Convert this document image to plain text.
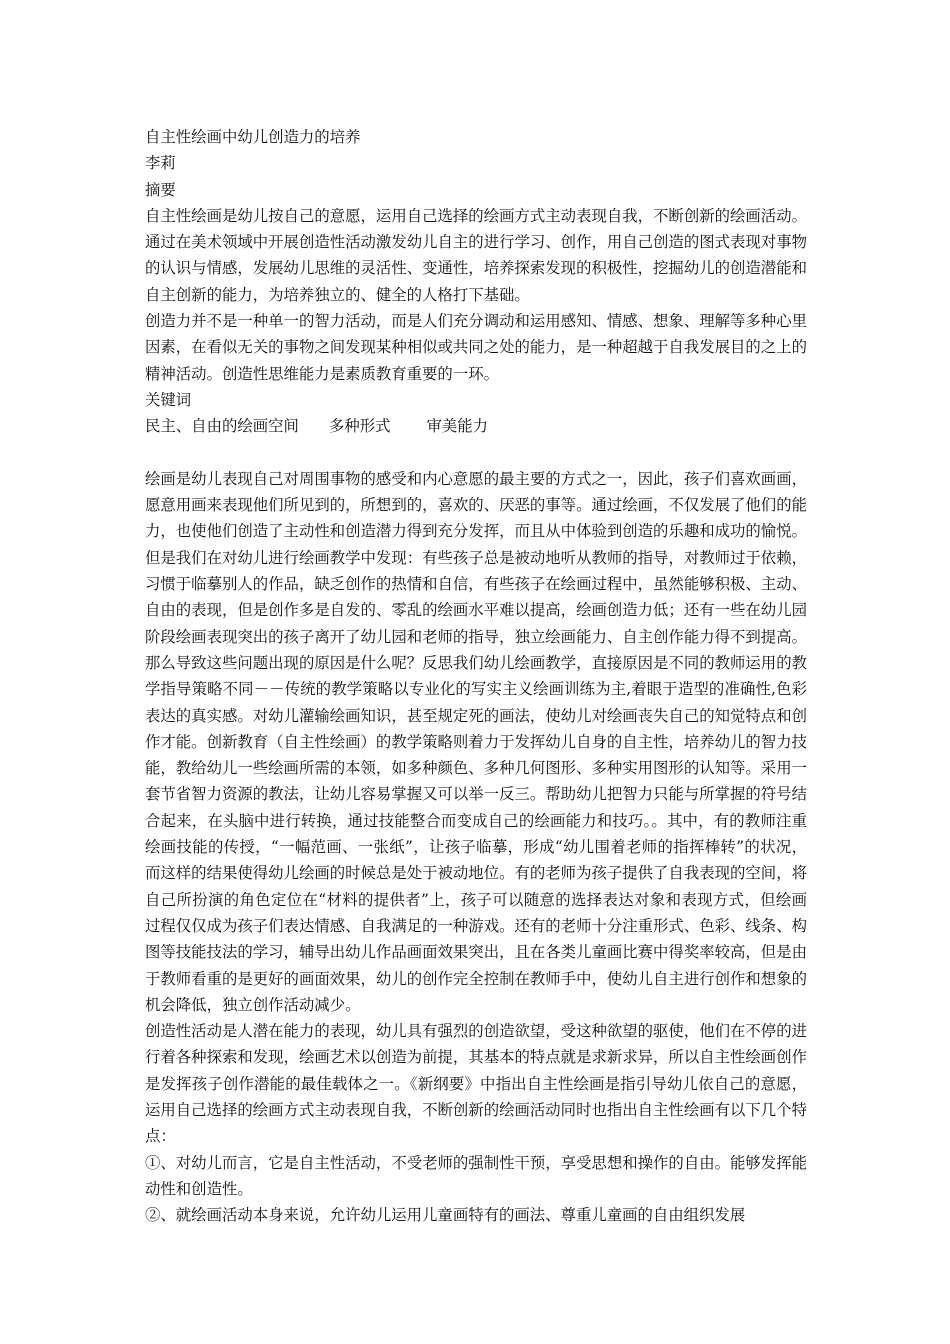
自主性绘画中幼儿创造力的培养

李莉

摘要

自主性绘画是幼儿按自己的意愿，运用自己选择的绘画方式主动表现自我，不断创新的绘画活动。通过在美术领域中开展创造性活动激发幼儿自主的进行学习、创作，用自己创造的图式表现对事物的认识与情感，发展幼儿思维的灵活性、变通性，培养探索发现的积极性，挖掘幼儿的创造潜能和自主创新的能力，为培养独立的、健全的人格打下基础。

创造力并不是一种单一的智力活动，而是人们充分调动和运用感知、情感、想象、理解等多种心里因素，在看似无关的事物之间发现某种相似或共同之处的能力，是一种超越于自我发展目的之上的精神活动。创造性思维能力是素质教育重要的一环。

关键词

民主、自由的绘画空间 多种形式 审美能力

绘画是幼儿表现自己对周围事物的感受和内心意愿的最主要的方式之一，因此，孩子们喜欢画画，愿意用画来表现他们所见到的，所想到的，喜欢的、厌恶的事等。通过绘画，不仅发展了他们的能力，也使他们创造了主动性和创造潜力得到充分发挥，而且从中体验到创造的乐趣和成功的愉悦。但是我们在对幼儿进行绘画教学中发现：有些孩子总是被动地听从教师的指导，对教师过于依赖，习惯于临摹别人的作品，缺乏创作的热情和自信，有些孩子在绘画过程中，虽然能够积极、主动、自由的表现，但是创作多是自发的、零乱的绘画水平难以提高，绘画创造力低；还有一些在幼儿园阶段绘画表现突出的孩子离开了幼儿园和老师的指导，独立绘画能力、自主创作能力得不到提高。那么导致这些问题出现的原因是什么呢？反思我们幼儿绘画教学，直接原因是不同的教师运用的教学指导策略不同－－传统的教学策略以专业化的写实主义绘画训练为主,着眼于造型的准确性,色彩表达的真实感。对幼儿灌输绘画知识，甚至规定死的画法，使幼儿对绘画丧失自己的知觉特点和创作才能。创新教育（自主性绘画）的教学策略则着力于发挥幼儿自身的自主性，培养幼儿的智力技能，教给幼儿一些绘画所需的本领，如多种颜色、多种几何图形、多种实用图形的认知等。采用一套节省智力资源的教法，让幼儿容易掌握又可以举一反三。帮助幼儿把智力只能与所掌握的符号结合起来，在头脑中进行转换，通过技能整合而变成自己的绘画能力和技巧。。其中，有的教师注重绘画技能的传授，“一幅范画、一张纸”，让孩子临摹，形成“幼儿围着老师的指挥棒转”的状况，而这样的结果使得幼儿绘画的时候总是处于被动地位。有的老师为孩子提供了自我表现的空间，将自己所扮演的角色定位在“材料的提供者”上，孩子可以随意的选择表达对象和表现方式，但绘画过程仅仅成为孩子们表达情感、自我满足的一种游戏。还有的老师十分注重形式、色彩、线条、构图等技能技法的学习，辅导出幼儿作品画面效果突出，且在各类儿童画比赛中得奖率较高，但是由于教师看重的是更好的画面效果，幼儿的创作完全控制在教师手中，使幼儿自主进行创作和想象的机会降低，独立创作活动减少。

创造性活动是人潜在能力的表现，幼儿具有强烈的创造欲望，受这种欲望的驱使，他们在不停的进行着各种探索和发现，绘画艺术以创造为前提，其基本的特点就是求新求异，所以自主性绘画创作是发挥孩子创作潜能的最佳载体之一。《新纲要》中指出自主性绘画是指引导幼儿依自己的意愿，运用自己选择的绘画方式主动表现自我，不断创新的绘画活动同时也指出自主性绘画有以下几个特点：

①、对幼儿而言，它是自主性活动，不受老师的强制性干预，享受思想和操作的自由。能够发挥能动性和创造性。

②、就绘画活动本身来说，允许幼儿运用儿童画特有的画法、尊重儿童画的自由组织发展
